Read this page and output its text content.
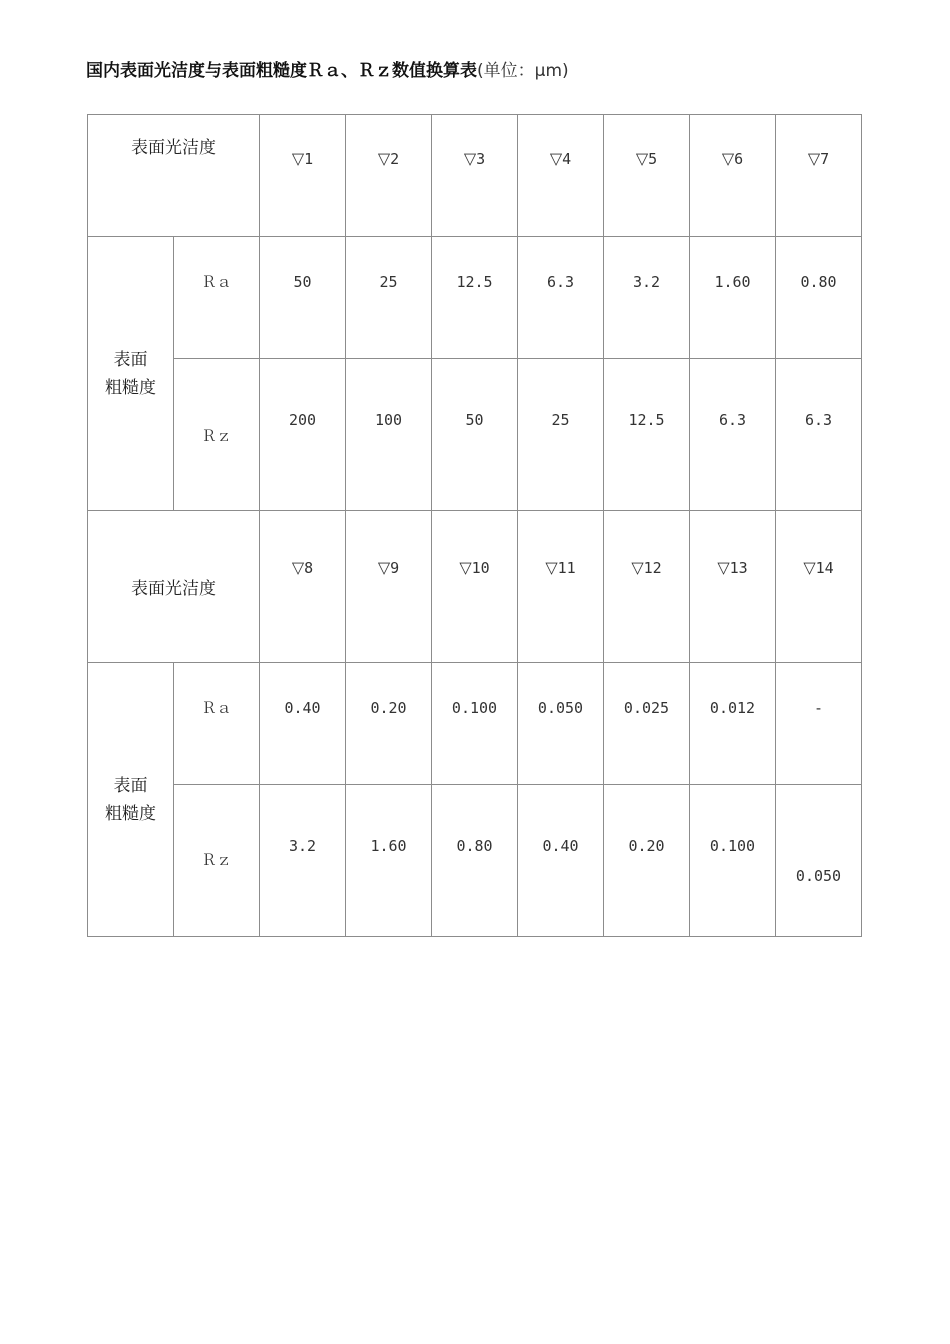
国内表面光洁度与表面粗糙度Ｒａ、Ｒｚ数值换算表(单位：μm)
表面光洁度		▽1	▽2	▽3	▽4	▽5	▽6	▽7
表面
粗糙度	Ｒａ	50	25	12.5	6.3	3.2	1.60	0.80
	Ｒｚ	200	100	50	25	12.5	6.3	6.3
表面光洁度		▽8	▽9	▽10	▽11	▽12	▽13	▽14
表面
粗糙度	Ｒａ	0.40	0.20	0.100	0.050	0.025	0.012	-
	Ｒｚ	3.2	1.60	0.80	0.40	0.20	0.100	0.050
